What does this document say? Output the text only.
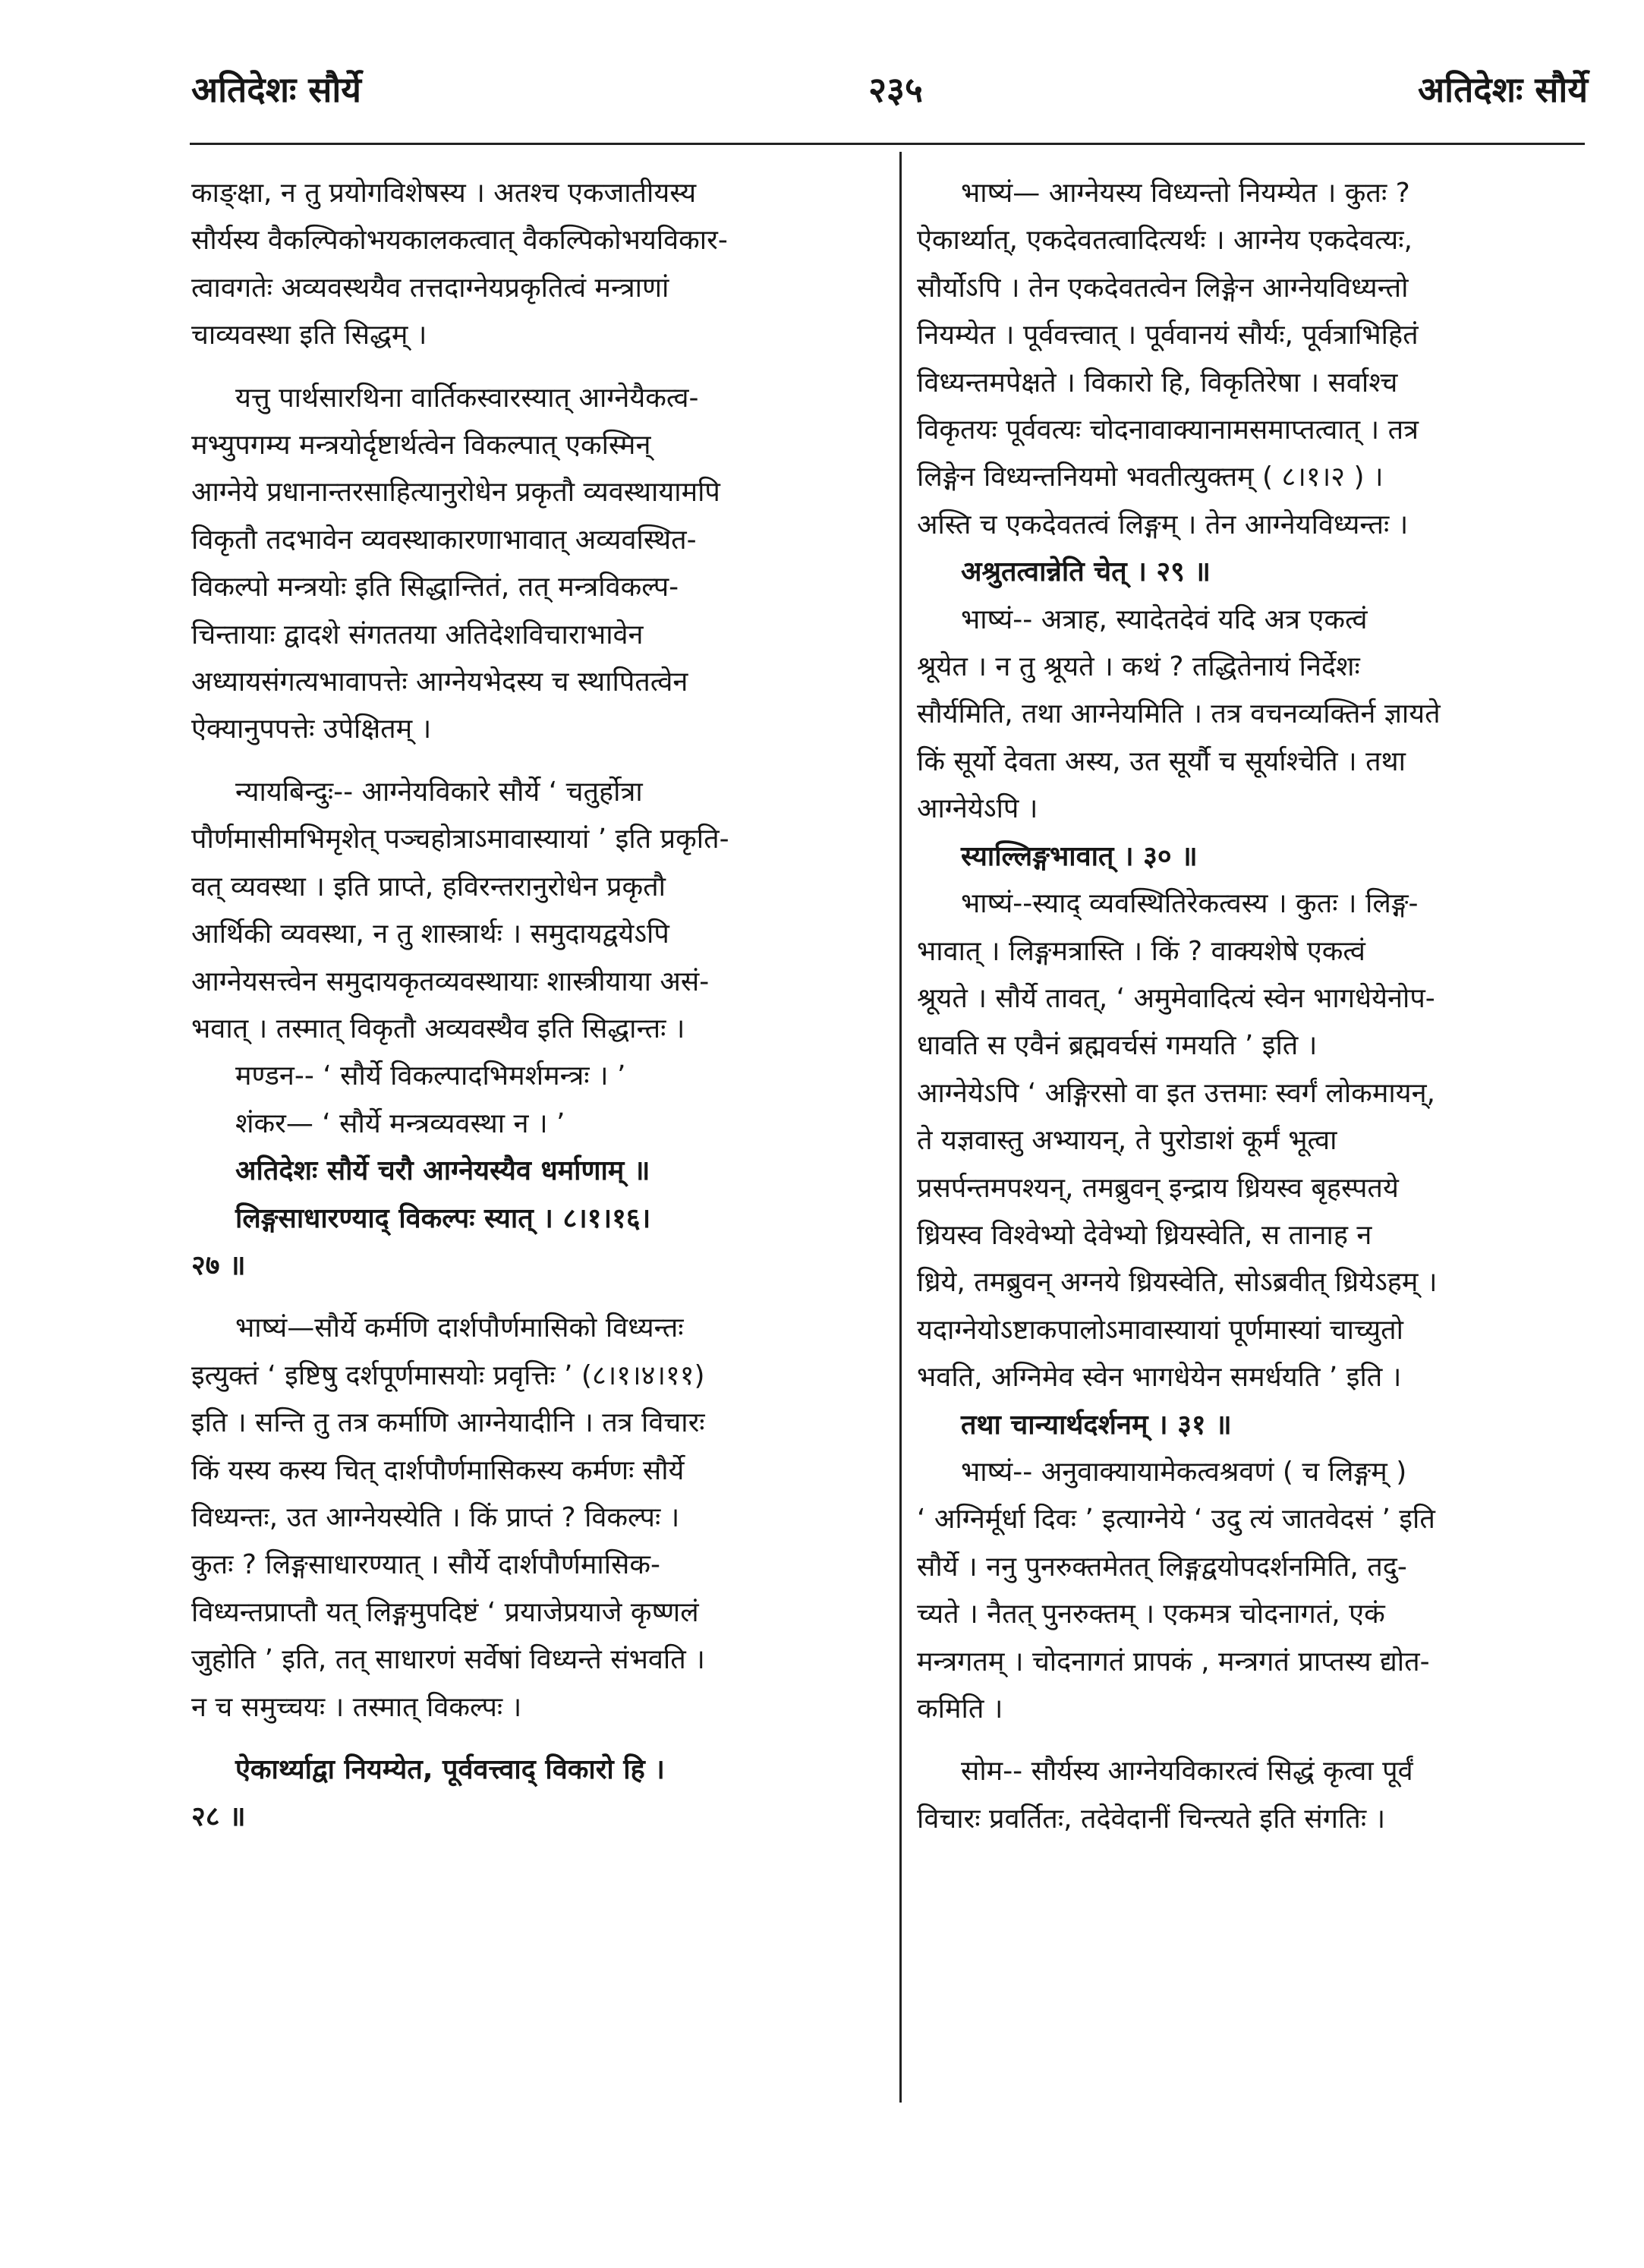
अतिदेशः सौर्ये	२३५	अतिदेशः सौर्ये

काङ्क्षा, न तु प्रयोगविशेषस्य । अतश्च एकजातीयस्य

सौर्यस्य वैकल्पिकोभयकालकत्वात् वैकल्पिकोभयविकार-

त्वावगतेः अव्यवस्थयैव तत्तदाग्नेयप्रकृतित्वं मन्त्राणां

चाव्यवस्था इति सिद्धम् ।

यत्तु पार्थसारथिना वार्तिकस्वारस्यात् आग्नेयैकत्व-

मभ्युपगम्य मन्त्रयोर्दृष्टार्थत्वेन विकल्पात् एकस्मिन्

आग्नेये प्रधानान्तरसाहित्यानुरोधेन प्रकृतौ व्यवस्थायामपि

विकृतौ तदभावेन व्यवस्थाकारणाभावात् अव्यवस्थित-

विकल्पो मन्त्रयोः इति सिद्धान्तितं, तत् मन्त्रविकल्प-

चिन्तायाः द्वादशे संगततया अतिदेशविचाराभावेन

अध्यायसंगत्यभावापत्तेः आग्नेयभेदस्य च स्थापितत्वेन

ऐक्यानुपपत्तेः उपेक्षितम् ।

न्यायबिन्दुः-- आग्नेयविकारे सौर्ये ‘ चतुर्होत्रा

पौर्णमासीमभिमृशेत् पञ्चहोत्राऽमावास्यायां ’ इति प्रकृति-

वत् व्यवस्था । इति प्राप्ते, हविरन्तरानुरोधेन प्रकृतौ

आर्थिकी व्यवस्था, न तु शास्त्रार्थः । समुदायद्वयेऽपि

आग्नेयसत्त्वेन समुदायकृतव्यवस्थायाः शास्त्रीयाया असं-

भवात् । तस्मात् विकृतौ अव्यवस्थैव इति सिद्धान्तः ।

मण्डन-- ‘ सौर्ये विकल्पादभिमर्शमन्त्रः । ’

शंकर— ‘ सौर्ये मन्त्रव्यवस्था न । ’

अतिदेशः सौर्ये चरौ आग्नेयस्यैव धर्माणाम् ॥

लिङ्गसाधारण्याद् विकल्पः स्यात् । ८।१।१६।

२७ ॥

भाष्यं—सौर्ये कर्मणि दार्शपौर्णमासिको विध्यन्तः

इत्युक्तं ‘ इष्टिषु दर्शपूर्णमासयोः प्रवृत्तिः ’ (८।१।४।११)

इति । सन्ति तु तत्र कर्माणि आग्नेयादीनि । तत्र विचारः

किं यस्य कस्य चित् दार्शपौर्णमासिकस्य कर्मणः सौर्ये

विध्यन्तः, उत आग्नेयस्येति । किं प्राप्तं ? विकल्पः ।

कुतः ? लिङ्गसाधारण्यात् । सौर्ये दार्शपौर्णमासिक-

विध्यन्तप्राप्तौ यत् लिङ्गमुपदिष्टं ‘ प्रयाजेप्रयाजे कृष्णलं

जुहोति ’ इति, तत् साधारणं सर्वेषां विध्यन्ते संभवति ।

न च समुच्चयः । तस्मात् विकल्पः ।

ऐकार्थ्याद्वा नियम्येत, पूर्ववत्त्वाद् विकारो हि ।

२८ ॥

भाष्यं— आग्नेयस्य विध्यन्तो नियम्येत । कुतः ?

ऐकार्थ्यात्, एकदेवतत्वादित्यर्थः । आग्नेय एकदेवत्यः,

सौर्योऽपि । तेन एकदेवतत्वेन लिङ्गेन आग्नेयविध्यन्तो

नियम्येत । पूर्ववत्त्वात् । पूर्ववानयं सौर्यः, पूर्वत्राभिहितं

विध्यन्तमपेक्षते । विकारो हि, विकृतिरेषा । सर्वाश्च

विकृतयः पूर्ववत्यः चोदनावाक्यानामसमाप्तत्वात् । तत्र

लिङ्गेन विध्यन्तनियमो भवतीत्युक्तम् ( ८।१।२ ) ।

अस्ति च एकदेवतत्वं लिङ्गम् । तेन आग्नेयविध्यन्तः ।

अश्रुतत्वान्नेति चेत् । २९ ॥

भाष्यं-- अत्राह, स्यादेतदेवं यदि अत्र एकत्वं

श्रूयेत । न तु श्रूयते । कथं ? तद्धितेनायं निर्देशः

सौर्यमिति, तथा आग्नेयमिति । तत्र वचनव्यक्तिर्न ज्ञायते

किं सूर्यो देवता अस्य, उत सूर्यौ च सूर्याश्चेति । तथा

आग्नेयेऽपि ।

स्याल्लिङ्गभावात् । ३० ॥

भाष्यं--स्याद् व्यवस्थितिरेकत्वस्य । कुतः । लिङ्ग-

भावात् । लिङ्गमत्रास्ति । किं ? वाक्यशेषे एकत्वं

श्रूयते । सौर्ये तावत्, ‘ अमुमेवादित्यं स्वेन भागधेयेनोप-

धावति स एवैनं ब्रह्मवर्चसं गमयति ’ इति ।

आग्नेयेऽपि ‘ अङ्गिरसो वा इत उत्तमाः स्वर्गं लोकमायन्,

ते यज्ञवास्तु अभ्यायन्, ते पुरोडाशं कूर्मं भूत्वा

प्रसर्पन्तमपश्यन्, तमब्रुवन् इन्द्राय ध्रियस्व बृहस्पतये

ध्रियस्व विश्वेभ्यो देवेभ्यो ध्रियस्वेति, स तानाह न

ध्रिये, तमब्रुवन् अग्नये ध्रियस्वेति, सोऽब्रवीत् ध्रियेऽहम् ।

यदाग्नेयोऽष्टाकपालोऽमावास्यायां पूर्णमास्यां चाच्युतो

भवति, अग्निमेव स्वेन भागधेयेन समर्धयति ’ इति ।

तथा चान्यार्थदर्शनम् । ३१ ॥

भाष्यं-- अनुवाक्यायामेकत्वश्रवणं ( च लिङ्गम् )

‘ अग्निर्मूर्धा दिवः ’ इत्याग्नेये ‘ उदु त्यं जातवेदसं ’ इति

सौर्ये । ननु पुनरुक्तमेतत् लिङ्गद्वयोपदर्शनमिति, तदु-

च्यते । नैतत् पुनरुक्तम् । एकमत्र चोदनागतं, एकं

मन्त्रगतम् । चोदनागतं प्रापकं , मन्त्रगतं प्राप्तस्य द्योत-

कमिति ।

सोम-- सौर्यस्य आग्नेयविकारत्वं सिद्धं कृत्वा पूर्वं

विचारः प्रवर्तितः, तदेवेदानीं चिन्त्यते इति संगतिः ।
